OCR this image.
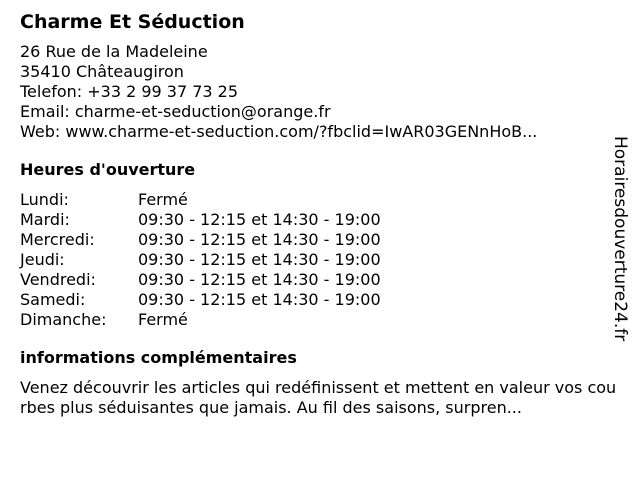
Charme Et Séduction
26 Rue de la Madeleine
35410 Châteaugiron
Telefon: +33 2 99 37 73 25
Email: charme-et-seduction@orange.fr
Web: www.charme-et-seduction.com/?fbclid=IwAR03GENnHoB...
Heures d'ouverture
Lundi:	Fermé
Mardi:	09:30 - 12:15 et 14:30 - 19:00
Mercredi:	09:30 - 12:15 et 14:30 - 19:00
Jeudi:	09:30 - 12:15 et 14:30 - 19:00
Vendredi:	09:30 - 12:15 et 14:30 - 19:00
Samedi:	09:30 - 12:15 et 14:30 - 19:00
Dimanche:	Fermé
informations complémentaires

Venez découvrir les articles qui redéfinissent et mettent en valeur vos courbes plus séduisantes que jamais. Au fil des saisons, surpren...

Horairesdouverture24.fr
